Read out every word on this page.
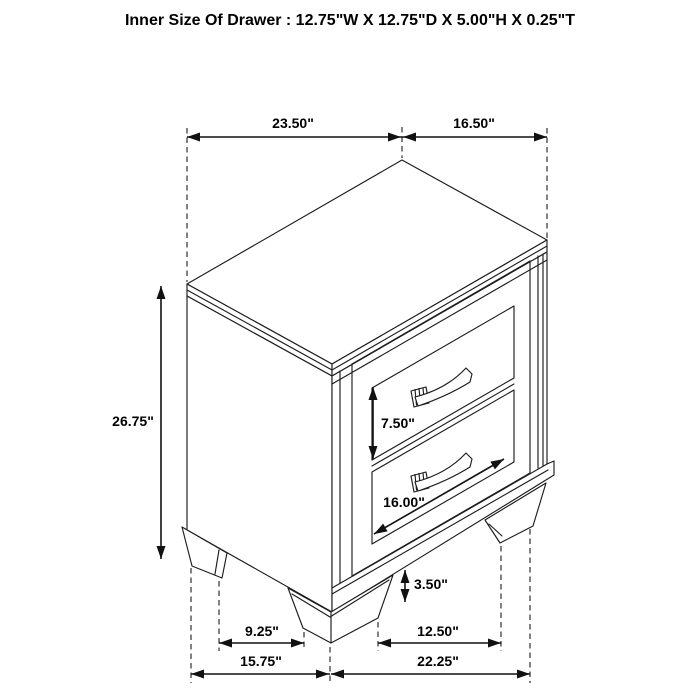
Inner Size Of Drawer : 12.75"W X 12.75"D X 5.00"H X 0.25"T
23.50"	16.50"
26.75"	7.50"
16.00"
3.50"
9.25"	12.50"
15.75"	22.25"
